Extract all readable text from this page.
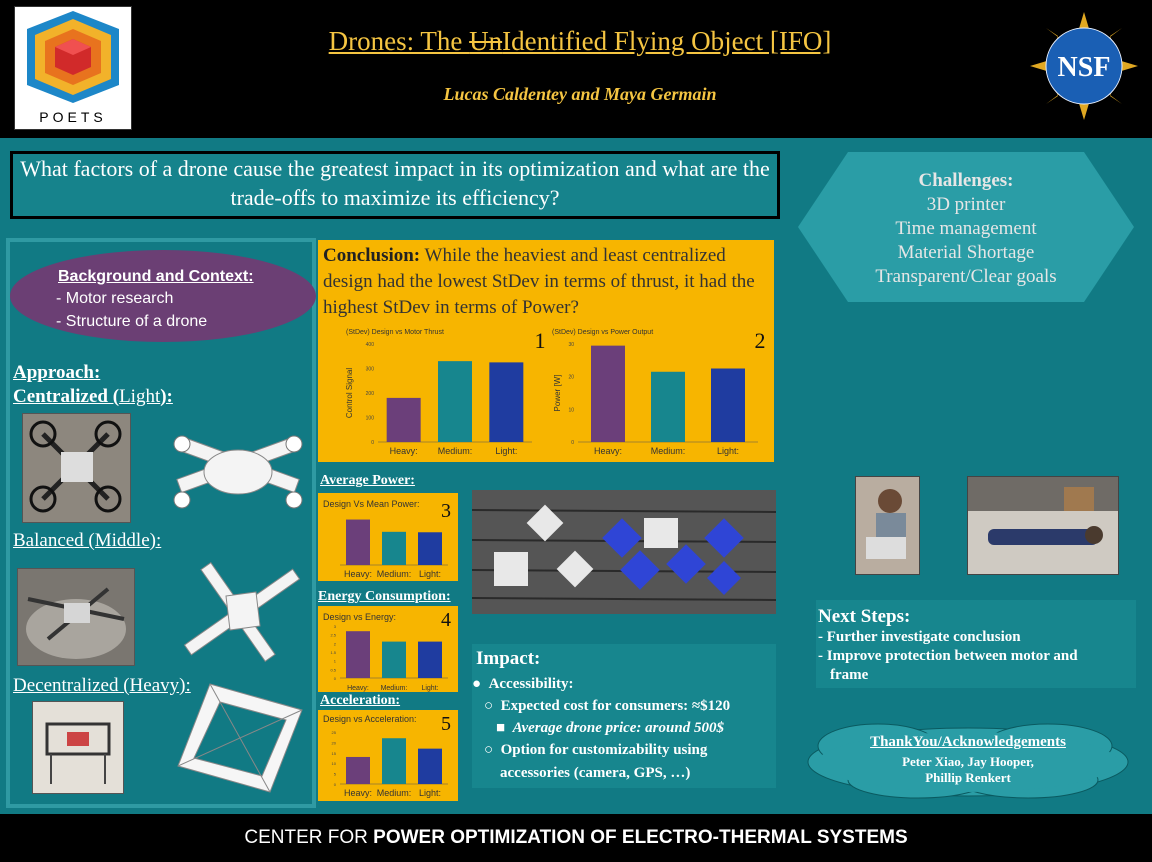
POETS
Drones: The UnIdentified Flying Object [IFO]
Lucas Caldentey and Maya Germain
NSF
What factors of a drone cause the greatest impact in its optimization and what are the trade-offs to maximize its efficiency?
Background and Context:
- Motor research
- Structure of a drone
Approach:
Centralized (Light):
Balanced (Middle):
Decentralized (Heavy):
Conclusion: While the heaviest and least centralized design had the lowest StDev in terms of thrust, it had the highest StDev in terms of Power?
(StDev) Design vs Motor Thrust	1
Control Signal
0
100
200
300
400
Heavy: Medium:	Light:
(StDev) Design vs Power Output	2
Power [W]
0
10
20
30
Heavy:	Medium:	Light:
Average Power:
Design Vs Mean Power: 3
Heavy: Medium: Light:
Energy Consumption:
Design vs Energy: 4
0
0.5
1
1.5
2
2.5
3
Heavy: Medium: Light:
Acceleration:
Design vs Acceleration: 5
0
5
10
15
20
25
Heavy: Medium: Light:
Impact:
●  Accessibility:
○  Expected cost for consumers: ≈$120
■  Average drone price: around 500$
○  Option for customizability using
accessories (camera, GPS, …)
Challenges:
3D printer
Time management
Material Shortage
Transparent/Clear goals
Next Steps:
- Further investigate conclusion
- Improve protection between motor and
frame
ThankYou/Acknowledgements
Peter Xiao, Jay Hooper,
Phillip Renkert
CENTER FOR POWER OPTIMIZATION OF ELECTRO-THERMAL SYSTEMS
